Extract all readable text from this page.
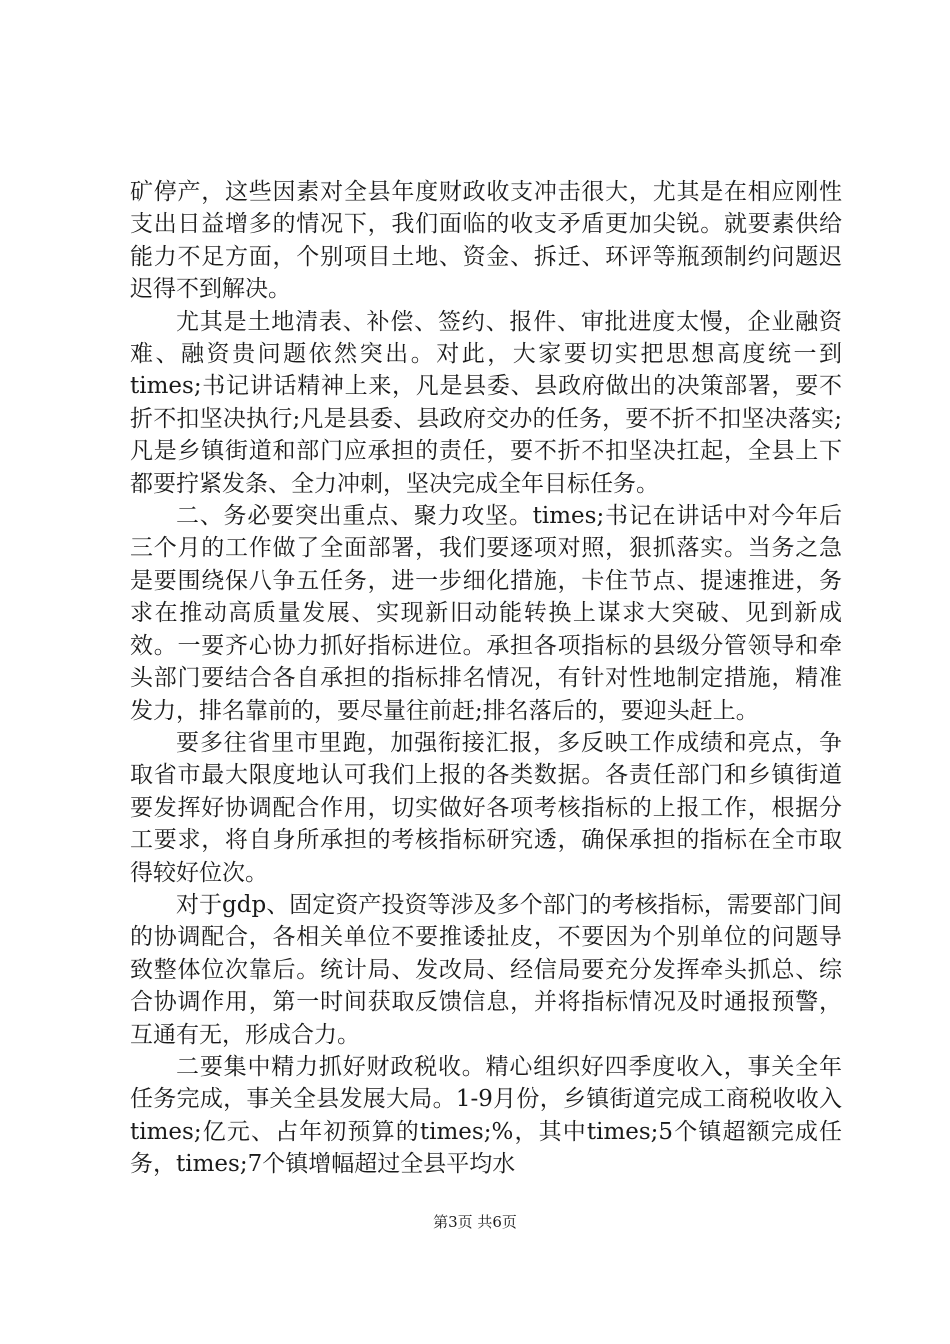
矿停产，这些因素对全县年度财政收支冲击很大，尤其是在相应刚性支出日益增多的情况下，我们面临的收支矛盾更加尖锐。就要素供给能力不足方面，个别项目土地、资金、拆迁、环评等瓶颈制约问题迟迟得不到解决。

尤其是土地清表、补偿、签约、报件、审批进度太慢，企业融资难、融资贵问题依然突出。对此，大家要切实把思想高度统一到times;书记讲话精神上来，凡是县委、县政府做出的决策部署，要不折不扣坚决执行;凡是县委、县政府交办的任务，要不折不扣坚决落实;凡是乡镇街道和部门应承担的责任，要不折不扣坚决扛起，全县上下都要拧紧发条、全力冲刺，坚决完成全年目标任务。

二、务必要突出重点、聚力攻坚。times;书记在讲话中对今年后三个月的工作做了全面部署，我们要逐项对照，狠抓落实。当务之急是要围绕保八争五任务，进一步细化措施，卡住节点、提速推进，务求在推动高质量发展、实现新旧动能转换上谋求大突破、见到新成效。一要齐心协力抓好指标进位。承担各项指标的县级分管领导和牵头部门要结合各自承担的指标排名情况，有针对性地制定措施，精准发力，排名靠前的，要尽量往前赶;排名落后的，要迎头赶上。

要多往省里市里跑，加强衔接汇报，多反映工作成绩和亮点，争取省市最大限度地认可我们上报的各类数据。各责任部门和乡镇街道要发挥好协调配合作用，切实做好各项考核指标的上报工作，根据分工要求，将自身所承担的考核指标研究透，确保承担的指标在全市取得较好位次。

对于gdp、固定资产投资等涉及多个部门的考核指标，需要部门间的协调配合，各相关单位不要推诿扯皮，不要因为个别单位的问题导致整体位次靠后。统计局、发改局、经信局要充分发挥牵头抓总、综合协调作用，第一时间获取反馈信息，并将指标情况及时通报预警，互通有无，形成合力。

二要集中精力抓好财政税收。精心组织好四季度收入，事关全年任务完成，事关全县发展大局。1-9月份，乡镇街道完成工商税收收入times;亿元、占年初预算的times;%，其中times;5个镇超额完成任务，times;7个镇增幅超过全县平均水

第3页 共6页
